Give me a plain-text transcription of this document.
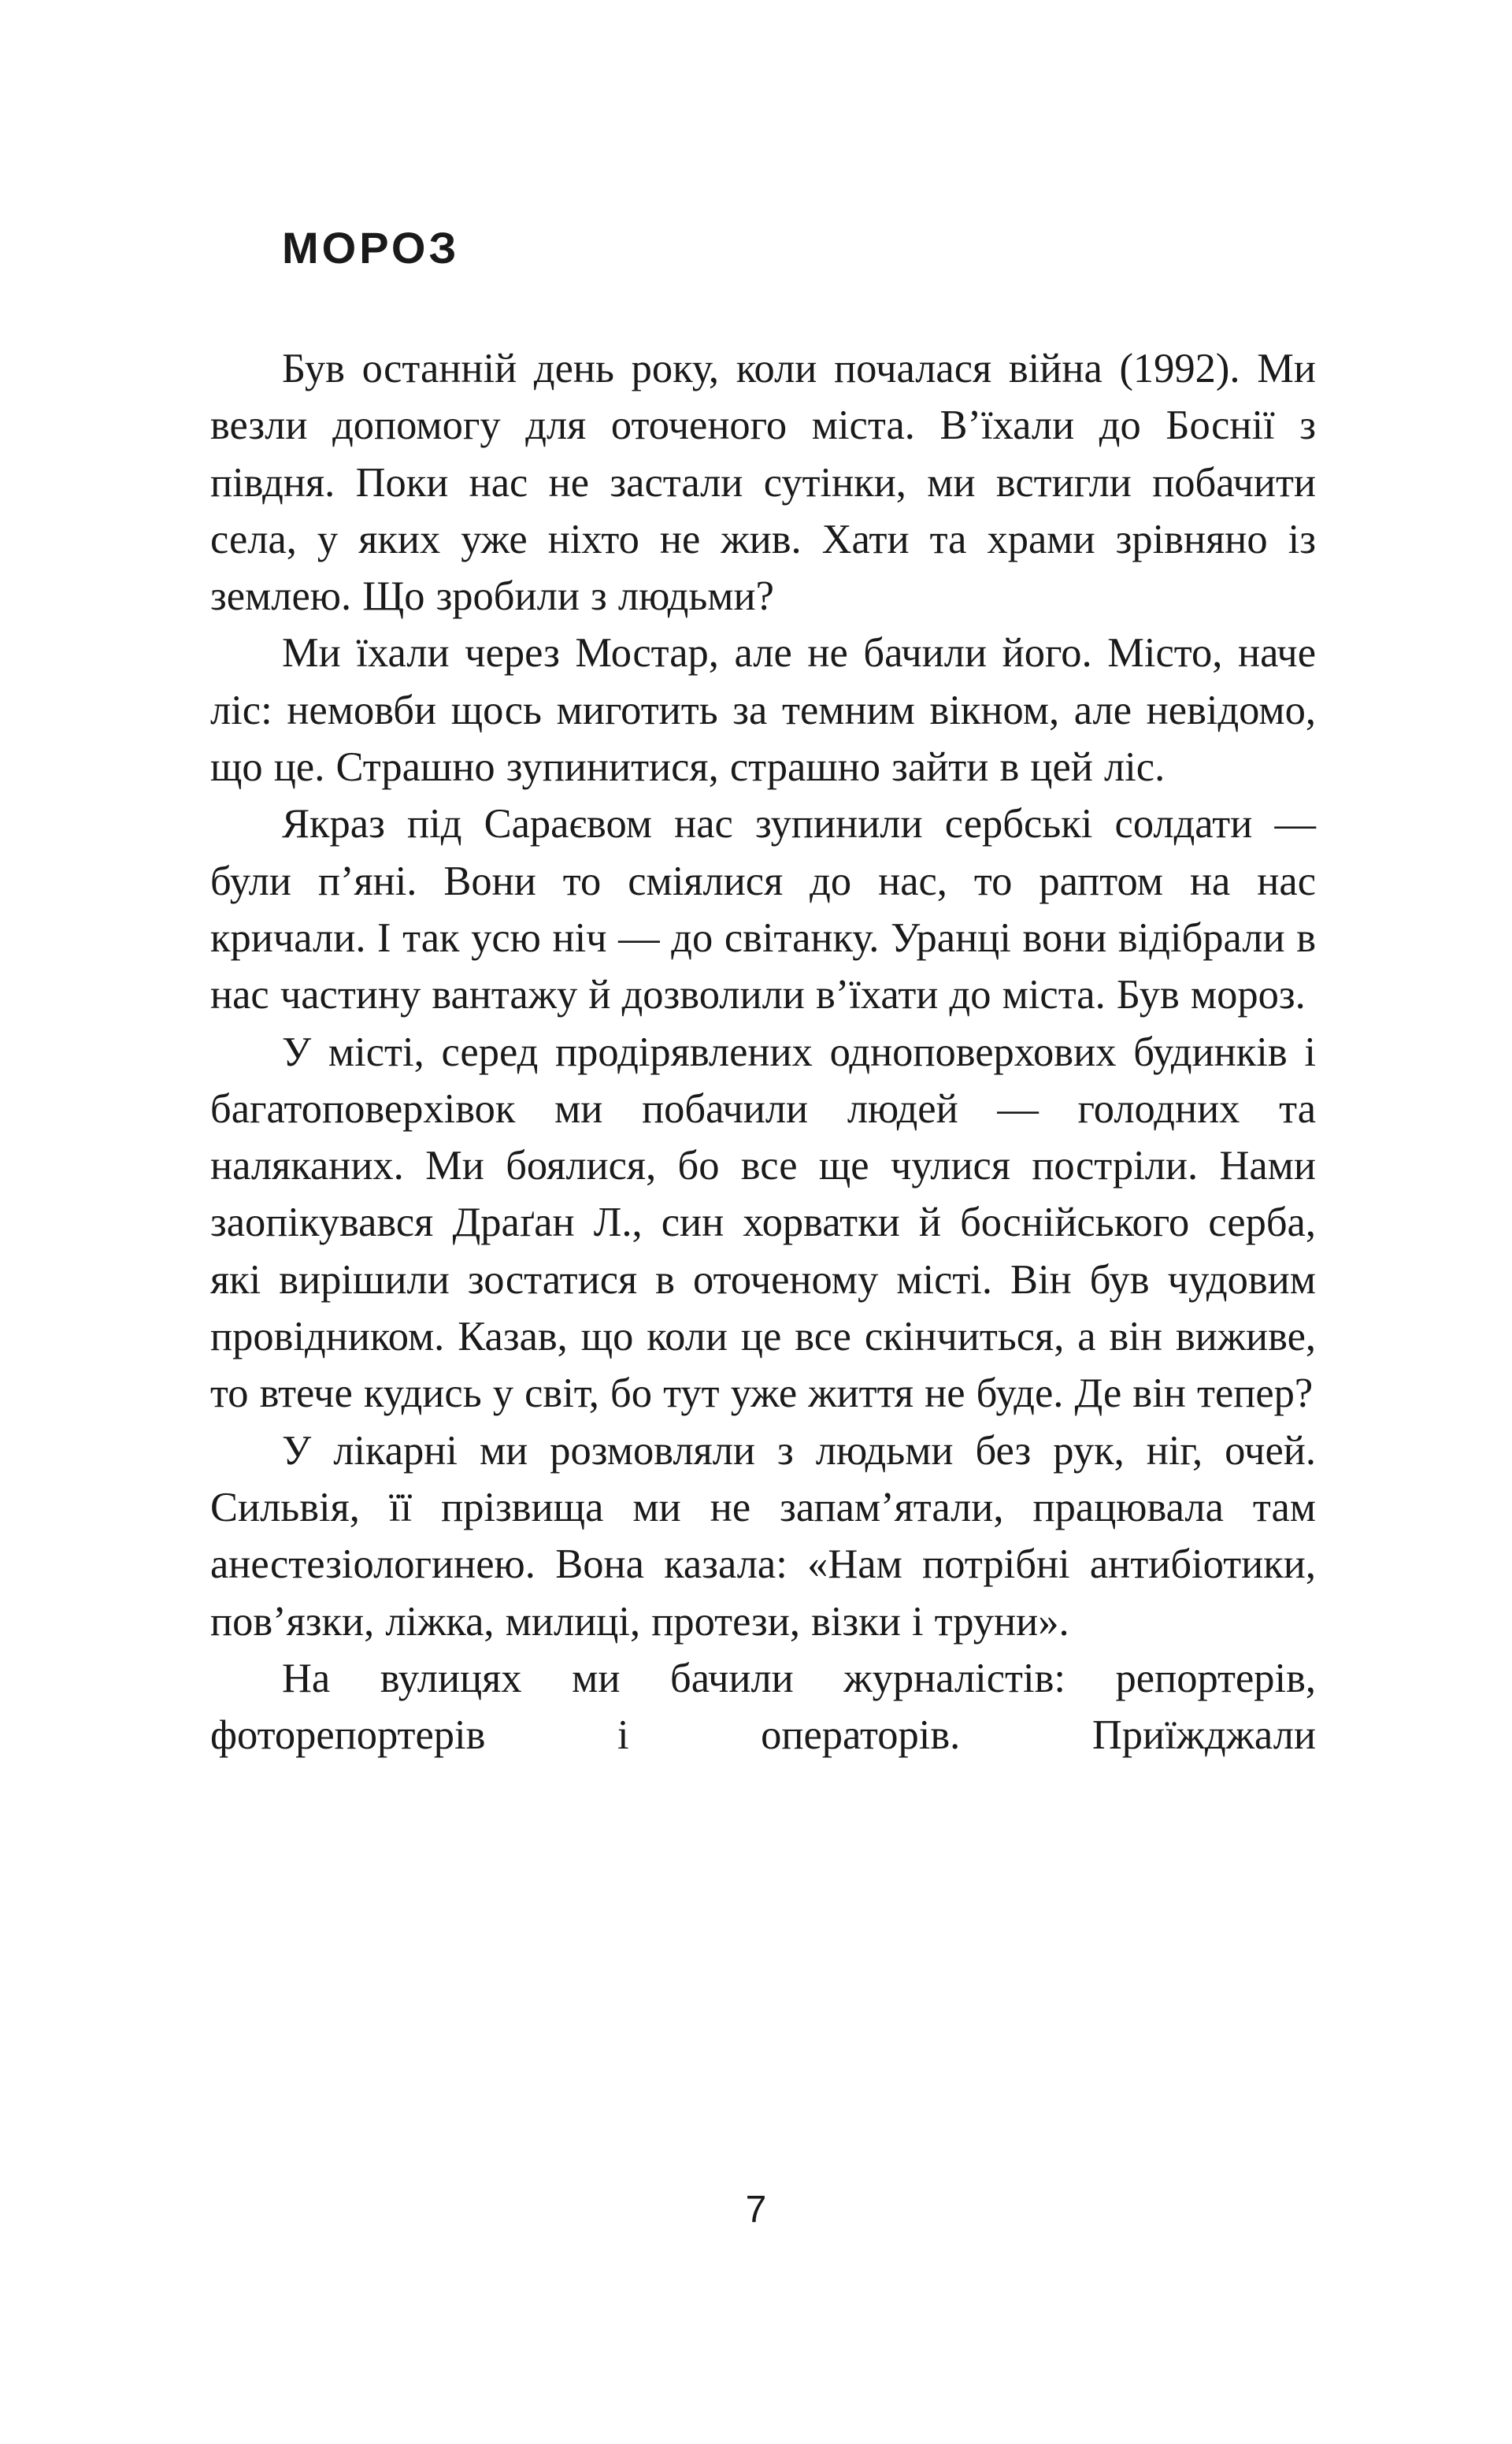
МОРОЗ

Був останній день року, коли почалася війна (1992). Ми везли допомогу для оточеного міста. В’їхали до Боснії з півдня. Поки нас не застали сутінки, ми встигли побачити села, у яких уже ніхто не жив. Хати та храми зрівняно із землею. Що зробили з людьми?

Ми їхали через Мостар, але не бачили його. Місто, наче ліс: немовби щось миготить за темним вікном, але невідомо, що це. Страшно зупинитися, страшно зайти в цей ліс.

Якраз під Сараєвом нас зупинили сербські солдати — були п’яні. Вони то сміялися до нас, то раптом на нас кричали. І так усю ніч — до світанку. Уранці вони відібрали в нас частину вантажу й дозволили в’їхати до міста. Був мороз.

У місті, серед продірявлених одноповерхових будинків і багатоповерхівок ми побачили людей — голодних та наляканих. Ми боялися, бо все ще чулися постріли. Нами заопікувався Драґан Л., син хорватки й боснійського серба, які вирішили зостатися в оточеному місті. Він був чудовим провідником. Казав, що коли це все скінчиться, а він виживе, то втече кудись у світ, бо тут уже життя не буде. Де він тепер?

У лікарні ми розмовляли з людьми без рук, ніг, очей. Сильвія, її прізвища ми не запам’ятали, працювала там анестезіологинею. Вона казала: «Нам потрібні антибіотики, пов’язки, ліжка, милиці, протези, візки і труни».

На вулицях ми бачили журналістів: репортерів, фоторепортерів і операторів. Приїжджали

7
